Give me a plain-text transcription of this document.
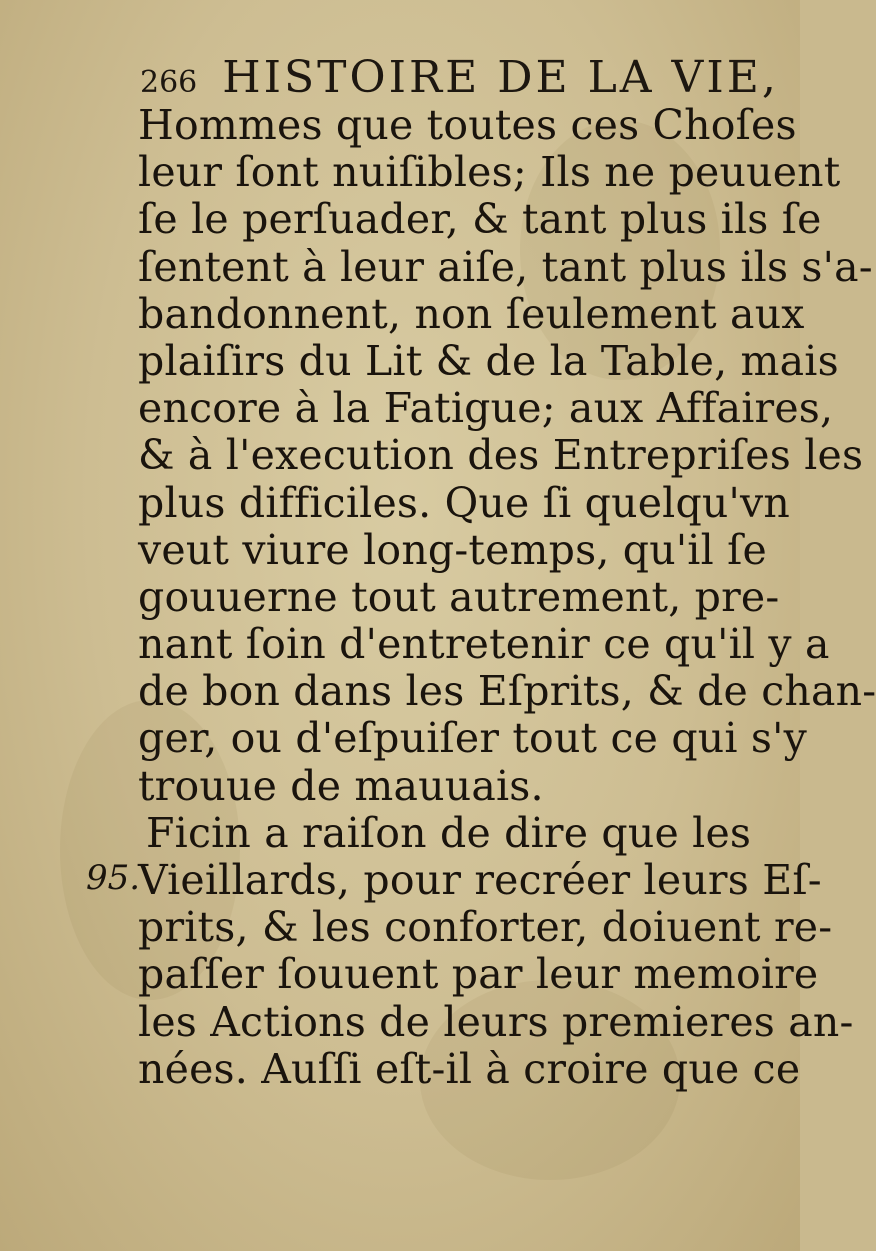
266 HISTOIRE DE LA VIE,
95.
Hommes que toutes ces Choſes
leur ſont nuiſibles; Ils ne peuuent
ſe le perſuader, & tant plus ils ſe
ſentent à leur aiſe, tant plus ils s'a-
bandonnent, non ſeulement aux
plaiſirs du Lit & de la Table, mais
encore à la Fatigue; aux Affaires,
& à l'execution des Entrepriſes les
plus difficiles. Que ſi quelqu'vn
veut viure long-temps, qu'il ſe
gouuerne tout autrement, pre-
nant ſoin d'entretenir ce qu'il y a
de bon dans les Eſprits, & de chan-
ger, ou d'eſpuiſer tout ce qui s'y
trouue de mauuais.
Ficin a raiſon de dire que les
Vieillards, pour recréer leurs Eſ-
prits, & les conforter, doiuent re-
paſſer ſouuent par leur memoire
les Actions de leurs premieres an-
nées. Auſſi eſt-il à croire que ce
